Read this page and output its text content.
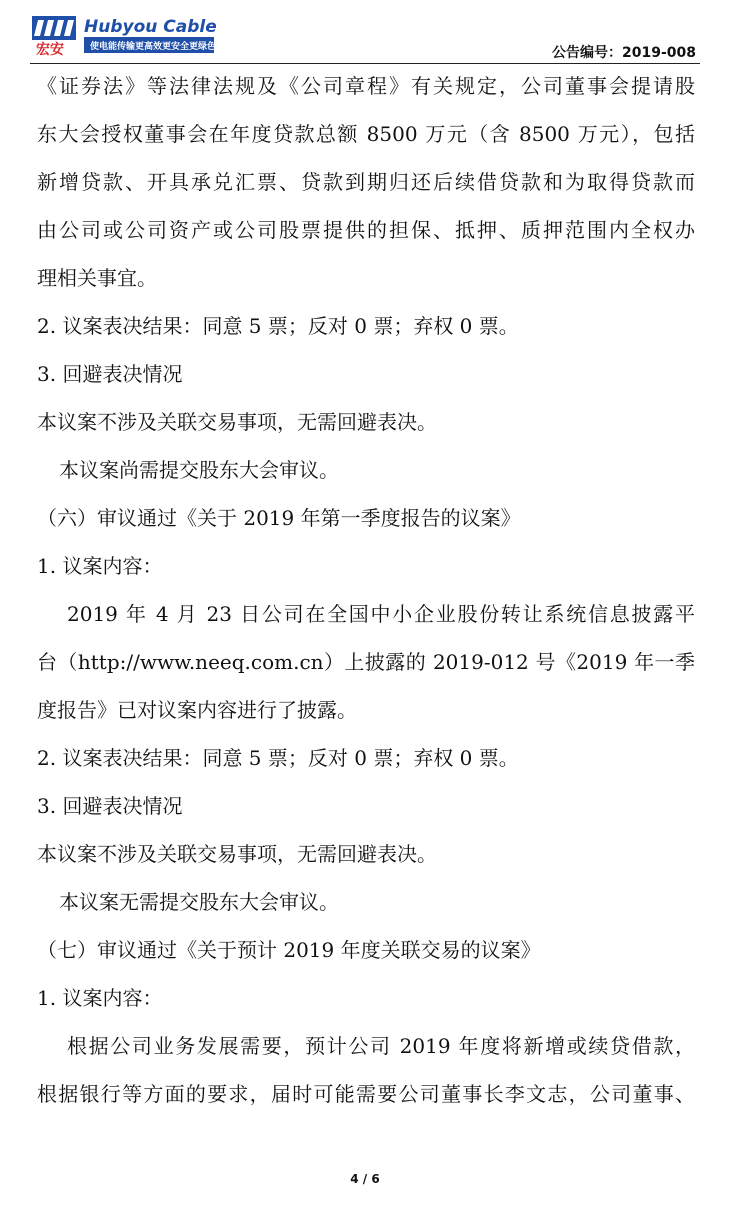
宏安
Hubyou Cable
使电能传输更高效更安全更绿色	公告编号：2019-008
《证券法》等法律法规及《公司章程》有关规定，公司董事会提请股
东大会授权董事会在年度贷款总额 8500 万元（含 8500 万元），包括
新增贷款、开具承兑汇票、贷款到期归还后续借贷款和为取得贷款而
由公司或公司资产或公司股票提供的担保、抵押、质押范围内全权办
理相关事宜。
2. 议案表决结果：同意 5 票；反对 0 票；弃权 0 票。
3. 回避表决情况
本议案不涉及关联交易事项，无需回避表决。
本议案尚需提交股东大会审议。
（六）审议通过《关于 2019 年第一季度报告的议案》
1. 议案内容：
2019 年 4 月 23 日公司在全国中小企业股份转让系统信息披露平
台（http://www.neeq.com.cn）上披露的 2019-012 号《2019 年一季
度报告》已对议案内容进行了披露。
2. 议案表决结果：同意 5 票；反对 0 票；弃权 0 票。
3. 回避表决情况
本议案不涉及关联交易事项，无需回避表决。
本议案无需提交股东大会审议。
（七）审议通过《关于预计 2019 年度关联交易的议案》
1. 议案内容：
根据公司业务发展需要，预计公司 2019 年度将新增或续贷借款，
根据银行等方面的要求，届时可能需要公司董事长李文志，公司董事、
4 / 6
